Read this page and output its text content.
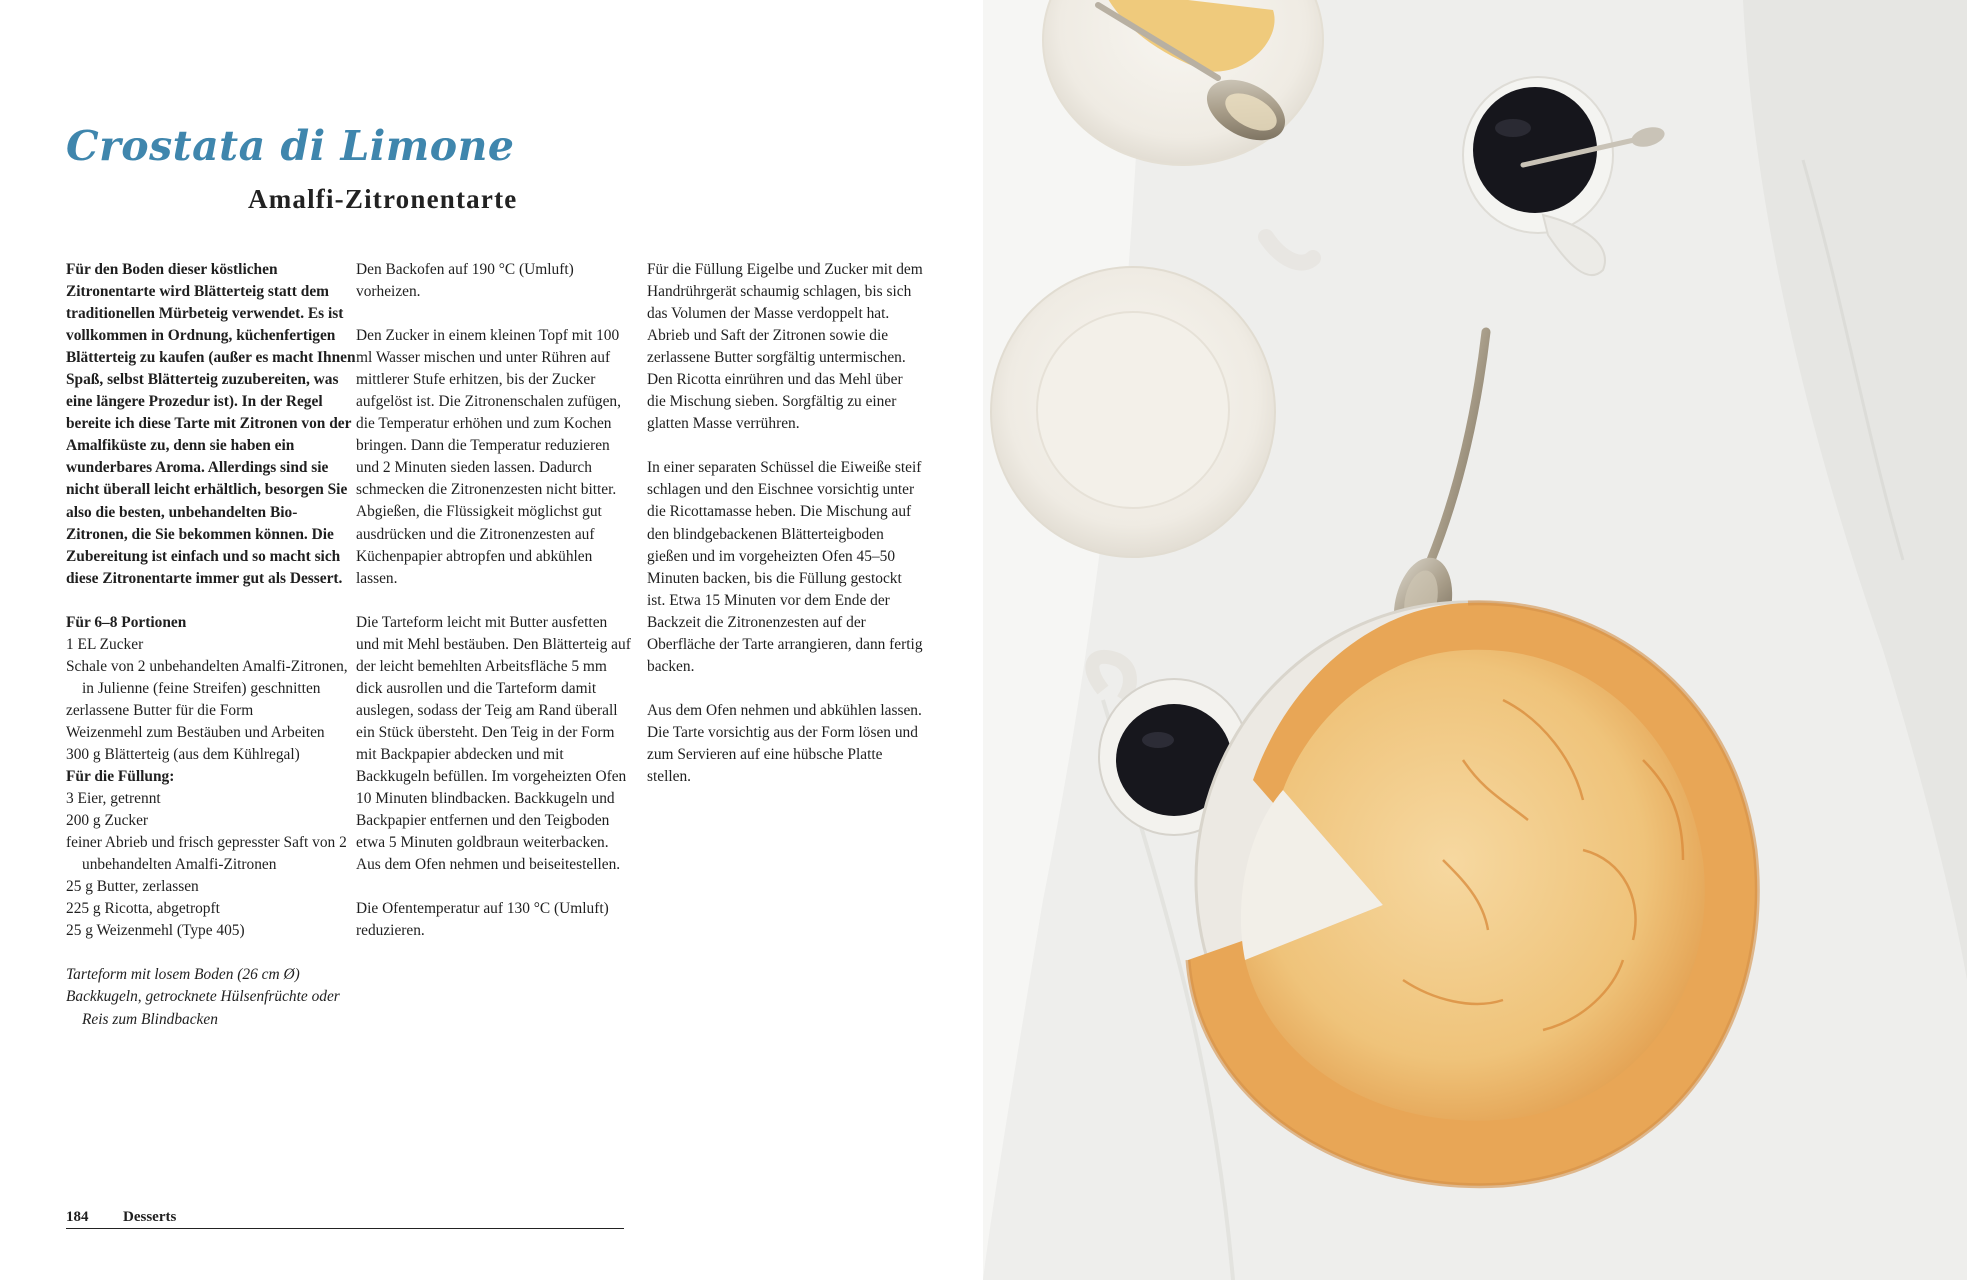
Crostata di Limone
Amalfi-Zitronentarte

Für den Boden dieser köstlichen Zitronentarte wird Blätterteig statt dem traditionellen Mürbeteig verwendet. Es ist vollkommen in Ordnung, küchenfertigen Blätterteig zu kaufen (außer es macht Ihnen Spaß, selbst Blätterteig zuzubereiten, was eine längere Prozedur ist). In der Regel bereite ich diese Tarte mit Zitronen von der Amalfiküste zu, denn sie haben ein wunderbares Aroma. Allerdings sind sie nicht überall leicht erhältlich, besorgen Sie also die besten, unbehandelten Bio-Zitronen, die Sie bekommen können. Die Zubereitung ist einfach und so macht sich diese Zitronentarte immer gut als Dessert.

Für 6–8 Portionen

1 EL Zucker

Schale von 2 unbehandelten Amalfi-Zitronen, in Julienne (feine Streifen) geschnitten

zerlassene Butter für die Form

Weizenmehl zum Bestäuben und Arbeiten

300 g Blätterteig (aus dem Kühlregal)

Für die Füllung:

3 Eier, getrennt

200 g Zucker

feiner Abrieb und frisch gepresster Saft von 2 unbehandelten Amalfi-Zitronen

25 g Butter, zerlassen

225 g Ricotta, abgetropft

25 g Weizenmehl (Type 405)

Tarteform mit losem Boden (26 cm Ø)

Backkugeln, getrocknete Hülsenfrüchte oder Reis zum Blindbacken

Den Backofen auf 190 °C (Umluft) vorheizen.

Den Zucker in einem kleinen Topf mit 100 ml Wasser mischen und unter Rühren auf mittlerer Stufe erhitzen, bis der Zucker aufgelöst ist. Die Zitronenschalen zufügen, die Temperatur erhöhen und zum Kochen bringen. Dann die Temperatur reduzieren und 2 Minuten sieden lassen. Dadurch schmecken die Zitronenzesten nicht bitter. Abgießen, die Flüssigkeit möglichst gut ausdrücken und die Zitronenzesten auf Küchenpapier abtropfen und abkühlen lassen.

Die Tarteform leicht mit Butter ausfetten und mit Mehl bestäuben. Den Blätterteig auf der leicht bemehlten Arbeitsfläche 5 mm dick ausrollen und die Tarteform damit auslegen, sodass der Teig am Rand überall ein Stück übersteht. Den Teig in der Form mit Backpapier abdecken und mit Backkugeln befüllen. Im vorgeheizten Ofen 10 Minuten blindbacken. Backkugeln und Backpapier entfernen und den Teigboden etwa 5 Minuten goldbraun weiterbacken. Aus dem Ofen nehmen und beiseitestellen.

Die Ofentemperatur auf 130 °C (Umluft) reduzieren.

Für die Füllung Eigelbe und Zucker mit dem Handrührgerät schaumig schlagen, bis sich das Volumen der Masse verdoppelt hat. Abrieb und Saft der Zitronen sowie die zerlassene Butter sorgfältig untermischen. Den Ricotta einrühren und das Mehl über die Mischung sieben. Sorgfältig zu einer glatten Masse verrühren.

In einer separaten Schüssel die Eiweiße steif schlagen und den Eischnee vorsichtig unter die Ricottamasse heben. Die Mischung auf den blindgebackenen Blätterteigboden gießen und im vorgeheizten Ofen 45–50 Minuten backen, bis die Füllung gestockt ist. Etwa 15 Minuten vor dem Ende der Backzeit die Zitronenzesten auf der Oberfläche der Tarte arrangieren, dann fertig backen.

Aus dem Ofen nehmen und abkühlen lassen. Die Tarte vorsichtig aus der Form lösen und zum Servieren auf eine hübsche Platte stellen.

184 Desserts
